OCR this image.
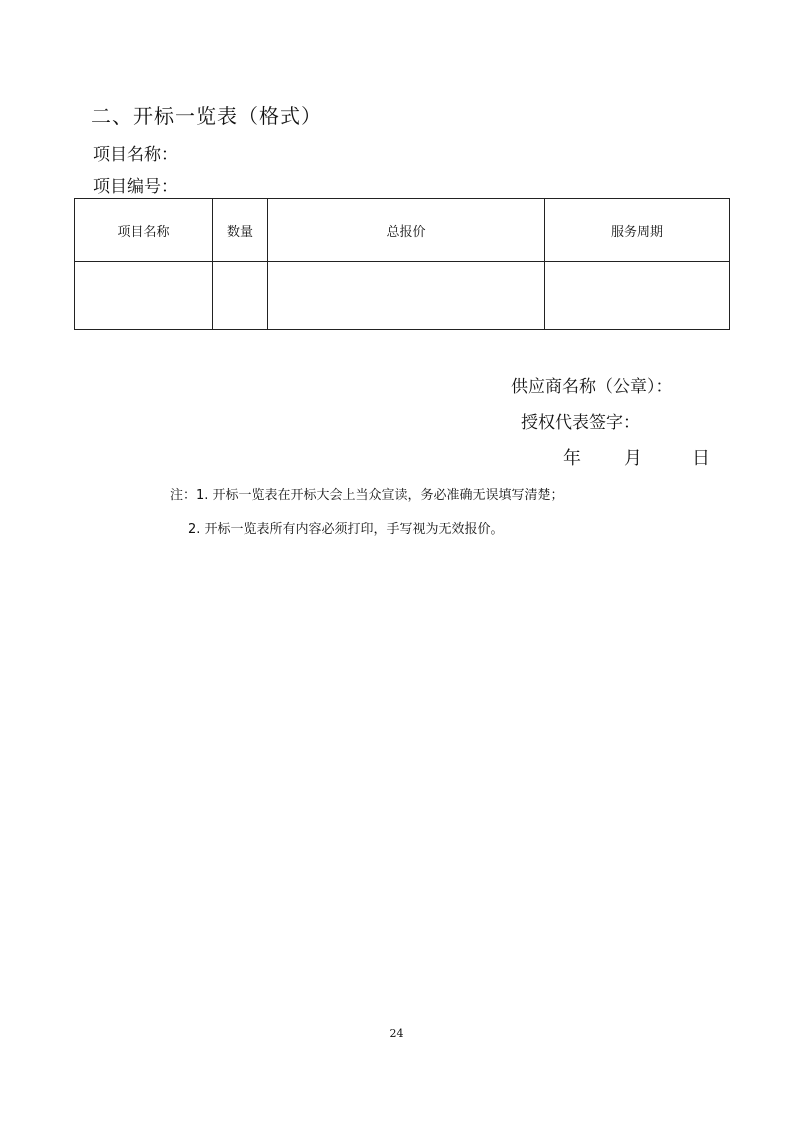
二、开标一览表（格式）
项目名称：
项目编号：
项目名称	数量	总报价	服务周期

供应商名称（公章）：
授权代表签字：
年 月	日
注：1. 开标一览表在开标大会上当众宣读，务必准确无误填写清楚；
2. 开标一览表所有内容必须打印，手写视为无效报价。
24
